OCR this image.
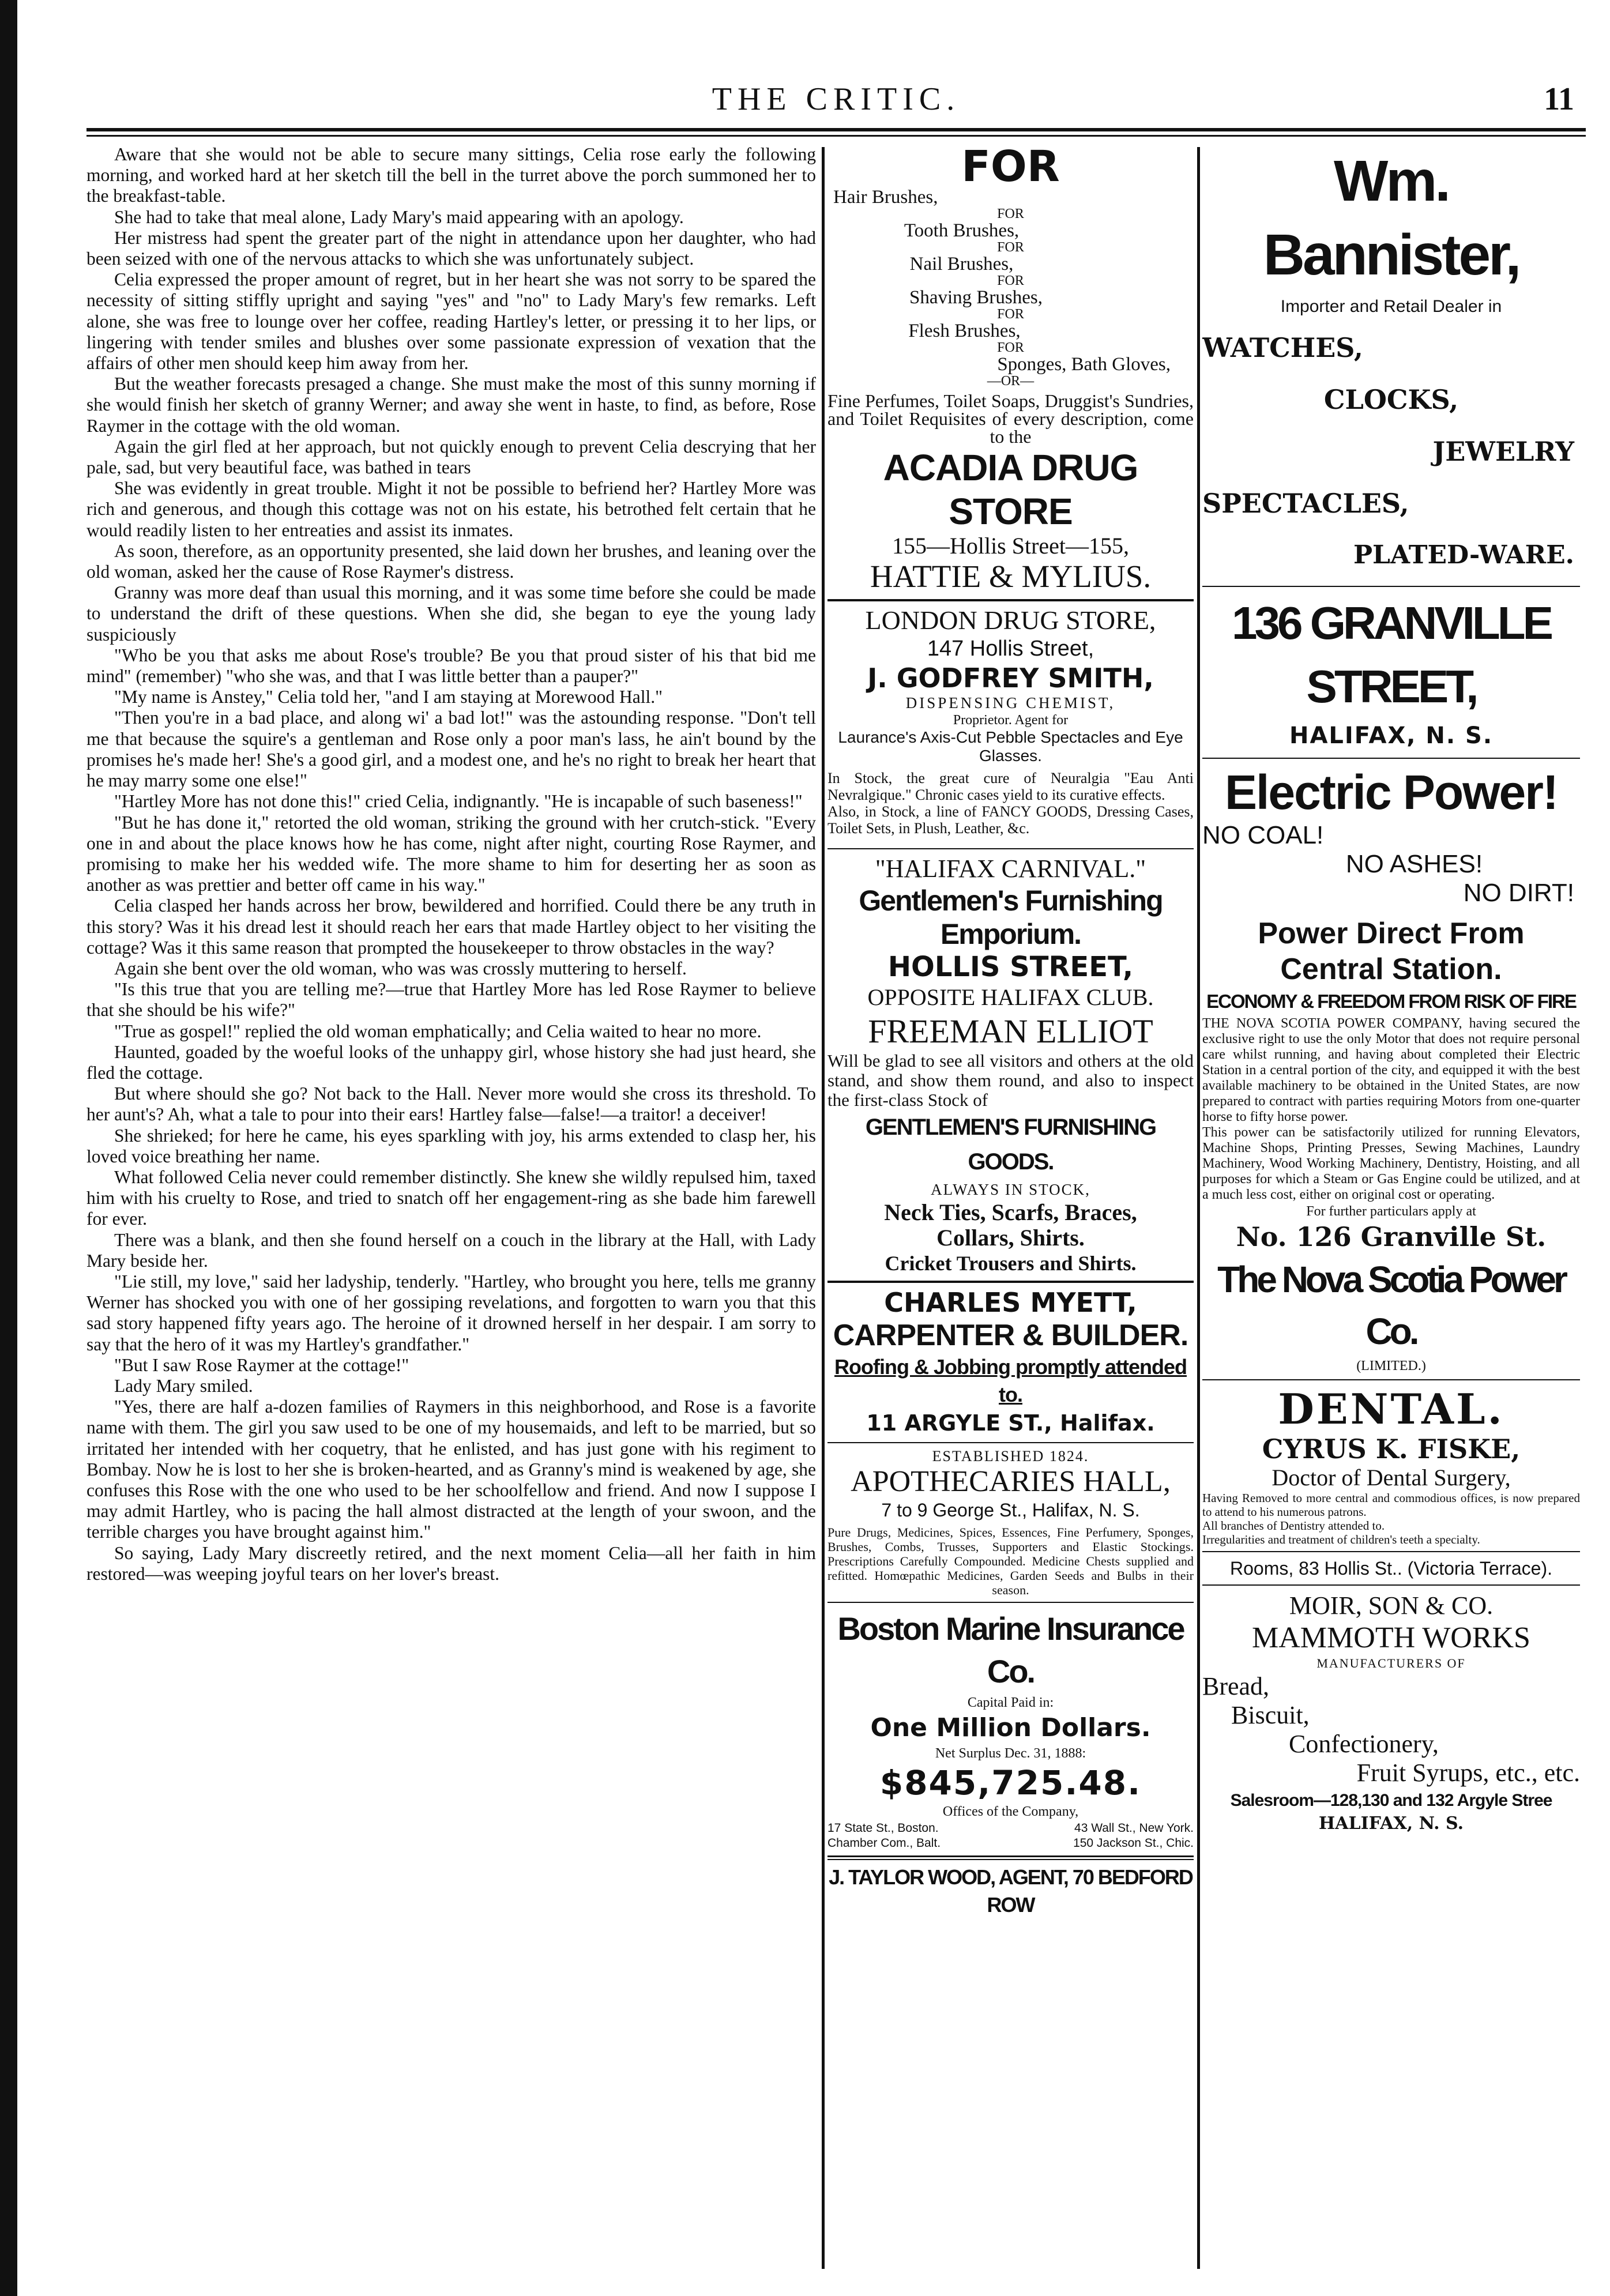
THE CRITIC.	11

Aware that she would not be able to secure many sittings, Celia rose early the following morning, and worked hard at her sketch till the bell in the turret above the porch summoned her to the breakfast-table.

She had to take that meal alone, Lady Mary's maid appearing with an apology.

Her mistress had spent the greater part of the night in attendance upon her daughter, who had been seized with one of the nervous attacks to which she was unfortunately subject.

Celia expressed the proper amount of regret, but in her heart she was not sorry to be spared the necessity of sitting stiffly upright and saying "yes" and "no" to Lady Mary's few remarks. Left alone, she was free to lounge over her coffee, reading Hartley's letter, or pressing it to her lips, or lingering with tender smiles and blushes over some passionate expression of vexation that the affairs of other men should keep him away from her.

But the weather forecasts presaged a change. She must make the most of this sunny morning if she would finish her sketch of granny Werner; and away she went in haste, to find, as before, Rose Raymer in the cottage with the old woman.

Again the girl fled at her approach, but not quickly enough to prevent Celia descrying that her pale, sad, but very beautiful face, was bathed in tears

She was evidently in great trouble. Might it not be possible to befriend her? Hartley More was rich and generous, and though this cottage was not on his estate, his betrothed felt certain that he would readily listen to her entreaties and assist its inmates.

As soon, therefore, as an opportunity presented, she laid down her brushes, and leaning over the old woman, asked her the cause of Rose Raymer's distress.

Granny was more deaf than usual this morning, and it was some time before she could be made to understand the drift of these questions. When she did, she began to eye the young lady suspiciously

"Who be you that asks me about Rose's trouble? Be you that proud sister of his that bid me mind" (remember) "who she was, and that I was little better than a pauper?"

"My name is Anstey," Celia told her, "and I am staying at Morewood Hall."

"Then you're in a bad place, and along wi' a bad lot!" was the astounding response. "Don't tell me that because the squire's a gentleman and Rose only a poor man's lass, he ain't bound by the promises he's made her! She's a good girl, and a modest one, and he's no right to break her heart that he may marry some one else!"

"Hartley More has not done this!" cried Celia, indignantly. "He is incapable of such baseness!"

"But he has done it," retorted the old woman, striking the ground with her crutch-stick. "Every one in and about the place knows how he has come, night after night, courting Rose Raymer, and promising to make her his wedded wife. The more shame to him for deserting her as soon as another as was prettier and better off came in his way."

Celia clasped her hands across her brow, bewildered and horrified. Could there be any truth in this story? Was it his dread lest it should reach her ears that made Hartley object to her visiting the cottage? Was it this same reason that prompted the housekeeper to throw obstacles in the way?

Again she bent over the old woman, who was was crossly muttering to herself.

"Is this true that you are telling me?—true that Hartley More has led Rose Raymer to believe that she should be his wife?"

"True as gospel!" replied the old woman emphatically; and Celia waited to hear no more.

Haunted, goaded by the woeful looks of the unhappy girl, whose history she had just heard, she fled the cottage.

But where should she go? Not back to the Hall. Never more would she cross its threshold. To her aunt's? Ah, what a tale to pour into their ears! Hartley false—false!—a traitor! a deceiver!

She shrieked; for here he came, his eyes sparkling with joy, his arms extended to clasp her, his loved voice breathing her name.

What followed Celia never could remember distinctly. She knew she wildly repulsed him, taxed him with his cruelty to Rose, and tried to snatch off her engagement-ring as she bade him farewell for ever.

There was a blank, and then she found herself on a couch in the library at the Hall, with Lady Mary beside her.

"Lie still, my love," said her ladyship, tenderly. "Hartley, who brought you here, tells me granny Werner has shocked you with one of her gossiping revelations, and forgotten to warn you that this sad story happened fifty years ago. The heroine of it drowned herself in her despair. I am sorry to say that the hero of it was my Hartley's grandfather."

"But I saw Rose Raymer at the cottage!"

Lady Mary smiled.

"Yes, there are half a-dozen families of Raymers in this neighborhood, and Rose is a favorite name with them. The girl you saw used to be one of my housemaids, and left to be married, but so irritated her intended with her coquetry, that he enlisted, and has just gone with his regiment to Bombay. Now he is lost to her she is broken-hearted, and as Granny's mind is weakened by age, she confuses this Rose with the one who used to be her schoolfellow and friend. And now I suppose I may admit Hartley, who is pacing the hall almost distracted at the length of your swoon, and the terrible charges you have brought against him."

So saying, Lady Mary discreetly retired, and the next moment Celia—all her faith in him restored—was weeping joyful tears on her lover's breast.

FOR
Hair Brushes,
FOR
Tooth Brushes,
FOR
Nail Brushes,
FOR
Shaving Brushes,
FOR
Flesh Brushes,
FOR
Sponges, Bath Gloves,
—OR—
Fine Perfumes, Toilet Soaps, Druggist's Sundries, and Toilet Requisites of every description, come to the
ACADIA DRUG STORE
155—Hollis Street—155,
HATTIE & MYLIUS.
LONDON DRUG STORE,
147 Hollis Street,
J. GODFREY SMITH,
DISPENSING CHEMIST,
Proprietor. Agent for
Laurance's Axis-Cut Pebble Spectacles and Eye Glasses.
In Stock, the great cure of Neuralgia "Eau Anti Nevralgique." Chronic cases yield to its curative effects.
Also, in Stock, a line of FANCY GOODS, Dressing Cases, Toilet Sets, in Plush, Leather, &c.
"HALIFAX CARNIVAL."
Gentlemen's Furnishing Emporium.
HOLLIS STREET,
OPPOSITE HALIFAX CLUB.
FREEMAN ELLIOT
Will be glad to see all visitors and others at the old stand, and show them round, and also to inspect the first-class Stock of
GENTLEMEN'S FURNISHING GOODS.
ALWAYS IN STOCK,
Neck Ties, Scarfs, Braces,
Collars, Shirts.
Cricket Trousers and Shirts.
CHARLES MYETT,
CARPENTER & BUILDER.
Roofing & Jobbing promptly attended to.
11 ARGYLE ST., Halifax.
ESTABLISHED 1824.
APOTHECARIES HALL,
7 to 9 George St., Halifax, N. S.
Pure Drugs, Medicines, Spices, Essences, Fine Perfumery, Sponges, Brushes, Combs, Trusses, Supporters and Elastic Stockings. Prescriptions Carefully Compounded. Medicine Chests supplied and refitted. Homœpathic Medicines, Garden Seeds and Bulbs in their season.
Boston Marine Insurance Co.
Capital Paid in:
One Million Dollars.
Net Surplus Dec. 31, 1888:
$845,725.48.
Offices of the Company,
17 State St., Boston.	43 Wall St., New York.
Chamber Com., Balt.	150 Jackson St., Chic.
J. TAYLOR WOOD, AGENT, 70 BEDFORD ROW
Wm. Bannister,
Importer and Retail Dealer in
WATCHES,
CLOCKS,
JEWELRY
SPECTACLES,
PLATED-WARE.
136 GRANVILLE STREET,
HALIFAX, N. S.
Electric Power!
NO COAL!
NO ASHES!
NO DIRT!
Power Direct From
Central Station.
ECONOMY & FREEDOM FROM RISK OF FIRE
THE NOVA SCOTIA POWER COMPANY, having secured the exclusive right to use the only Motor that does not require personal care whilst running, and having about completed their Electric Station in a central portion of the city, and equipped it with the best available machinery to be obtained in the United States, are now prepared to contract with parties requiring Motors from one-quarter horse to fifty horse power.
This power can be satisfactorily utilized for running Elevators, Machine Shops, Printing Presses, Sewing Machines, Laundry Machinery, Wood Working Machinery, Dentistry, Hoisting, and all purposes for which a Steam or Gas Engine could be utilized, and at a much less cost, either on original cost or operating.
For further particulars apply at
No. 126 Granville St.
The Nova Scotia Power Co.
(LIMITED.)
DENTAL.
CYRUS K. FISKE,
Doctor of Dental Surgery,
Having Removed to more central and commodious offices, is now prepared to attend to his numerous patrons.
All branches of Dentistry attended to.
Irregularities and treatment of children's teeth a specialty.
Rooms, 83 Hollis St.. (Victoria Terrace).
MOIR, SON & CO.
MAMMOTH WORKS
MANUFACTURERS OF
Bread,
Biscuit,
Confectionery,
Fruit Syrups, etc., etc.
Salesroom—128,130 and 132 Argyle Stree
HALIFAX, N. S.
